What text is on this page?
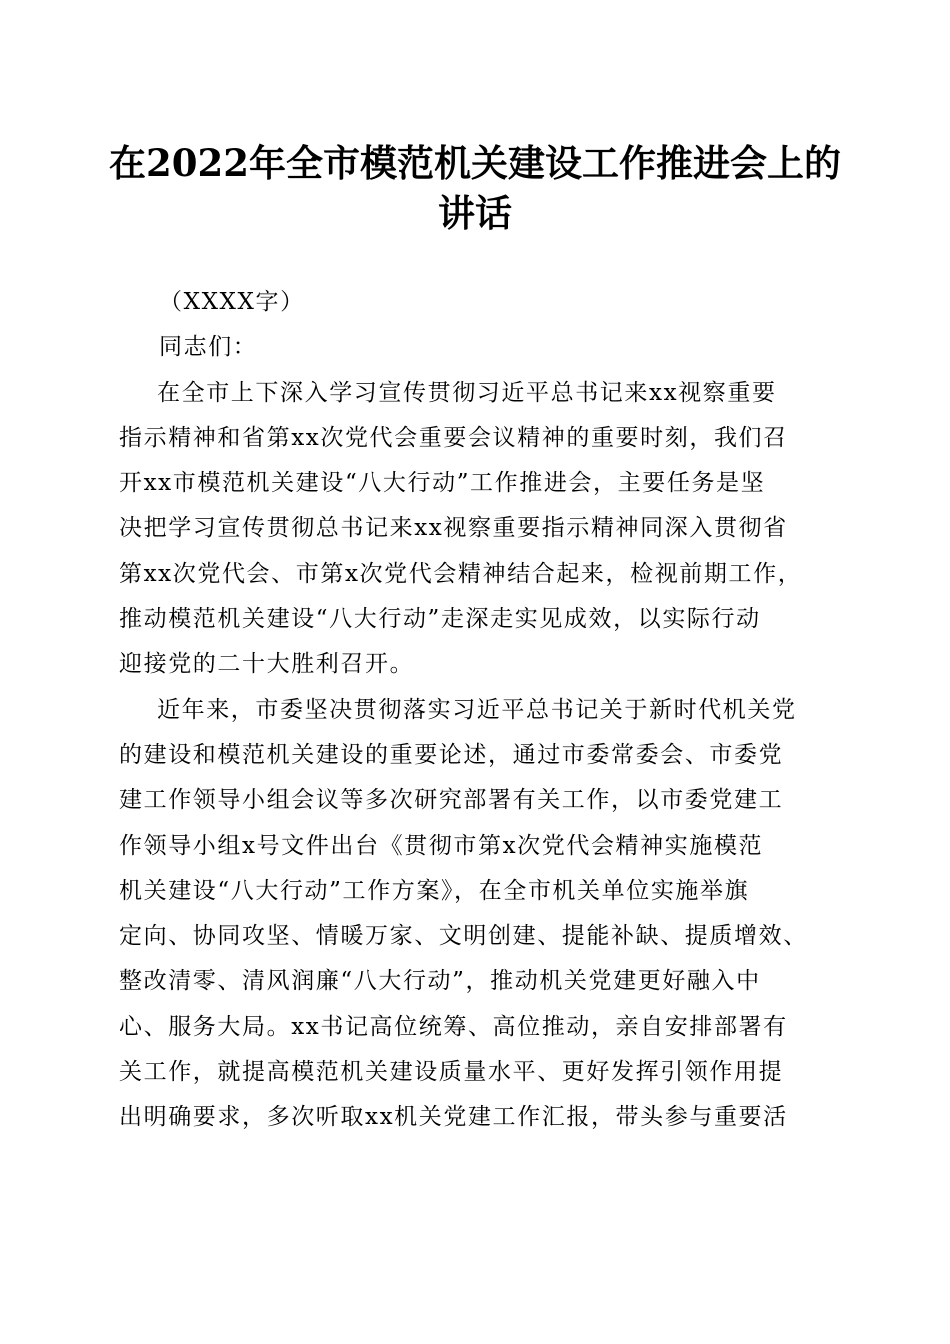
在2022年全市模范机关建设工作推进会上的
讲话

（XXXX字）

同志们：

在全市上下深入学习宣传贯彻习近平总书记来xx视察重要
指示精神和省第xx次党代会重要会议精神的重要时刻，我们召
开xx市模范机关建设“八大行动”工作推进会，主要任务是坚
决把学习宣传贯彻总书记来xx视察重要指示精神同深入贯彻省
第xx次党代会、市第x次党代会精神结合起来，检视前期工作，
推动模范机关建设“八大行动”走深走实见成效，以实际行动
迎接党的二十大胜利召开。

近年来，市委坚决贯彻落实习近平总书记关于新时代机关党
的建设和模范机关建设的重要论述，通过市委常委会、市委党
建工作领导小组会议等多次研究部署有关工作，以市委党建工
作领导小组x号文件出台《贯彻市第x次党代会精神实施模范
机关建设“八大行动”工作方案》，在全市机关单位实施举旗
定向、协同攻坚、情暖万家、文明创建、提能补缺、提质增效、
整改清零、清风润廉“八大行动”，推动机关党建更好融入中
心、服务大局。xx书记高位统筹、高位推动，亲自安排部署有
关工作，就提高模范机关建设质量水平、更好发挥引领作用提
出明确要求，多次听取xx机关党建工作汇报，带头参与重要活
